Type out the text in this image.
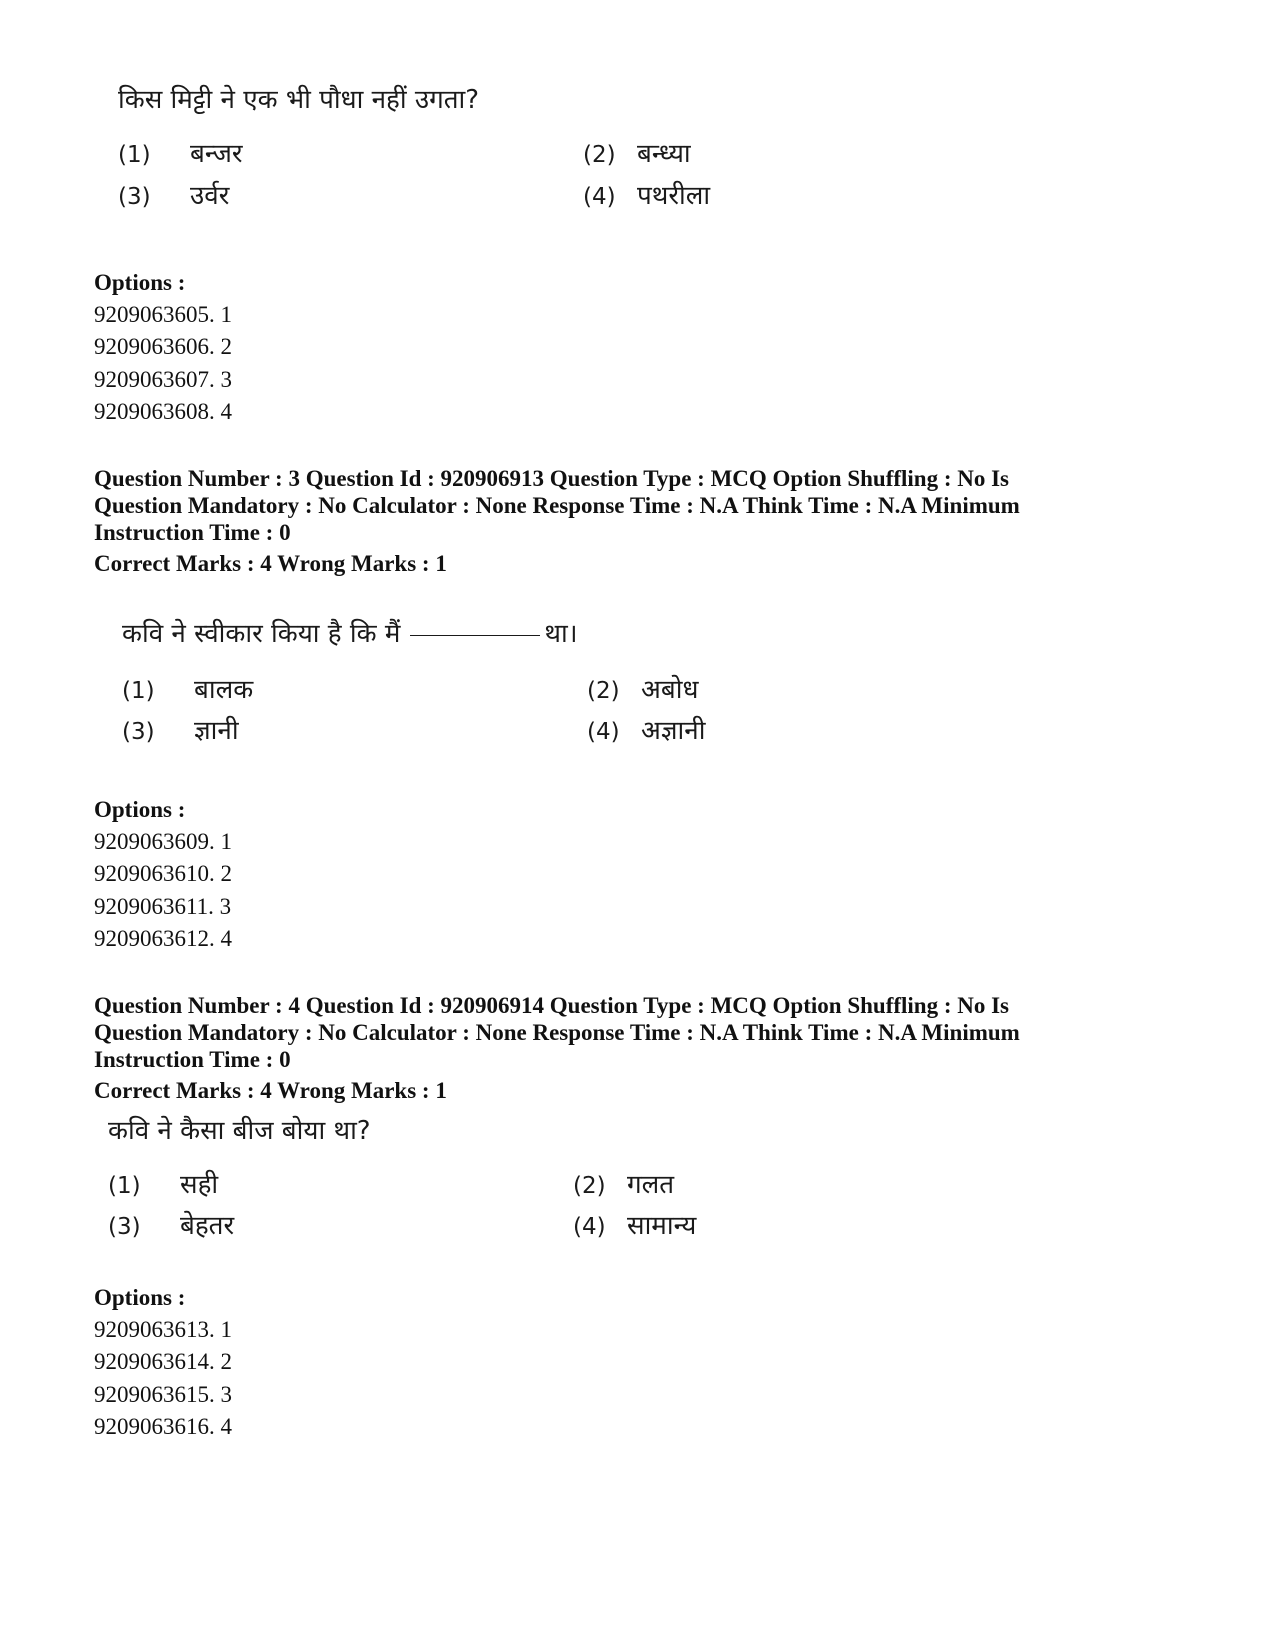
किस मिट्टी ने एक भी पौधा नहीं उगता?
(1) बन्जर	(2) बन्ध्या
(3) उर्वर	(4) पथरीला
Options :
9209063605. 1
9209063606. 2
9209063607. 3
9209063608. 4
Question Number : 3 Question Id : 920906913 Question Type : MCQ Option Shuffling : No Is
Question Mandatory : No Calculator : None Response Time : N.A Think Time : N.A Minimum
Instruction Time : 0
Correct Marks : 4 Wrong Marks : 1
कवि ने स्वीकार किया है कि मैं	था।
(1) बालक	(2) अबोध
(3) ज्ञानी	(4) अज्ञानी
Options :
9209063609. 1
9209063610. 2
9209063611. 3
9209063612. 4
Question Number : 4 Question Id : 920906914 Question Type : MCQ Option Shuffling : No Is
Question Mandatory : No Calculator : None Response Time : N.A Think Time : N.A Minimum
Instruction Time : 0
Correct Marks : 4 Wrong Marks : 1
कवि ने कैसा बीज बोया था?
(1) सही	(2) गलत
(3) बेहतर	(4) सामान्य
Options :
9209063613. 1
9209063614. 2
9209063615. 3
9209063616. 4
